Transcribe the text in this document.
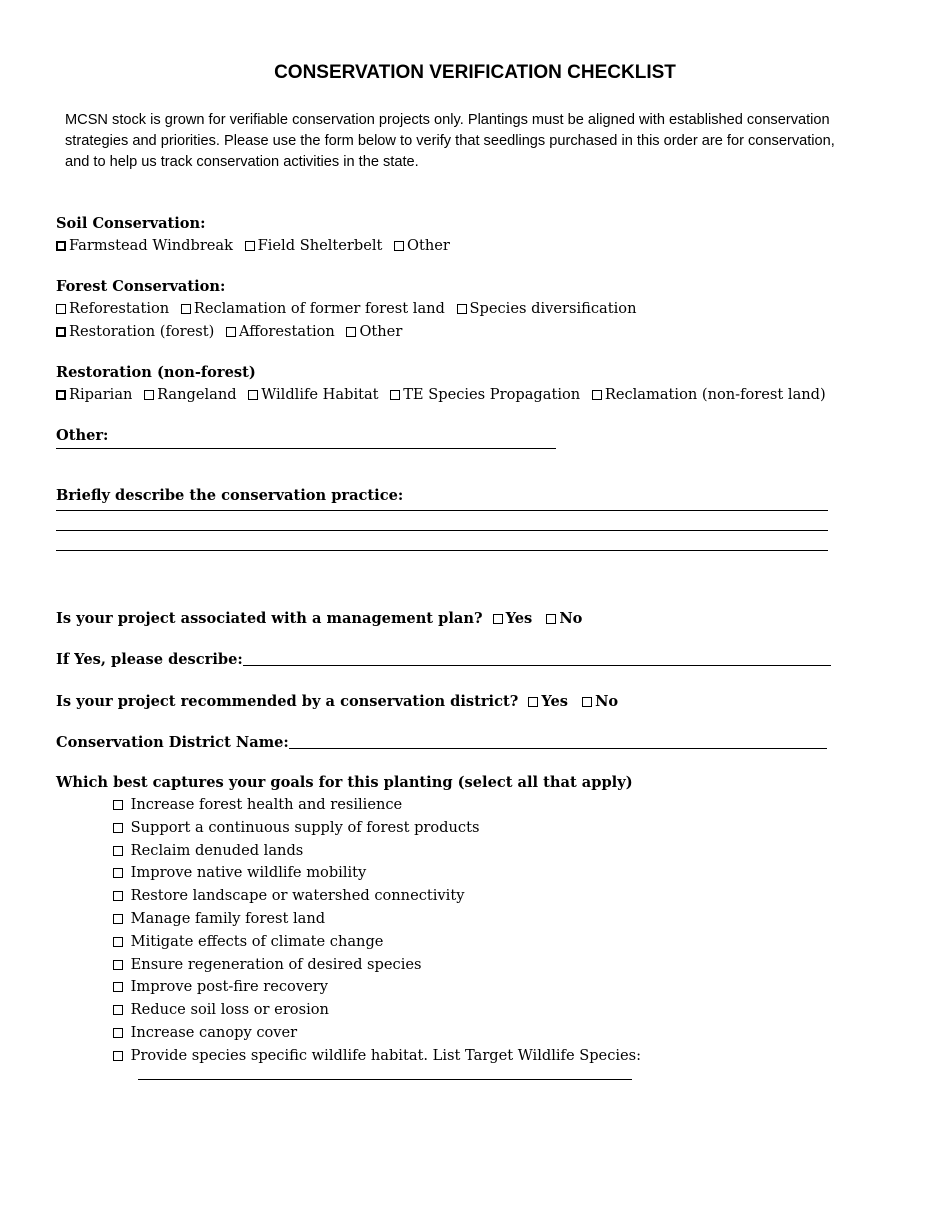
CONSERVATION VERIFICATION CHECKLIST
MCSN stock is grown for verifiable conservation projects only. Plantings must be aligned with established conservation strategies and priorities. Please use the form below to verify that seedlings purchased in this order are for conservation, and to help us track conservation activities in the state.
Soil Conservation:
Farmstead Windbreak Field Shelterbelt Other
Forest Conservation:
Reforestation Reclamation of former forest land Species diversification
Restoration (forest) Afforestation Other
Restoration (non-forest)
Riparian Rangeland Wildlife Habitat TE Species Propagation Reclamation (non-forest land)
Other:
Briefly describe the conservation practice:
Is your project associated with a management plan? Yes No
If Yes, please describe:
Is your project recommended by a conservation district? Yes No
Conservation District Name:
Which best captures your goals for this planting (select all that apply)
Increase forest health and resilience
Support a continuous supply of forest products
Reclaim denuded lands
Improve native wildlife mobility
Restore landscape or watershed connectivity
Manage family forest land
Mitigate effects of climate change
Ensure regeneration of desired species
Improve post-fire recovery
Reduce soil loss or erosion
Increase canopy cover
Provide species specific wildlife habitat. List Target Wildlife Species:
